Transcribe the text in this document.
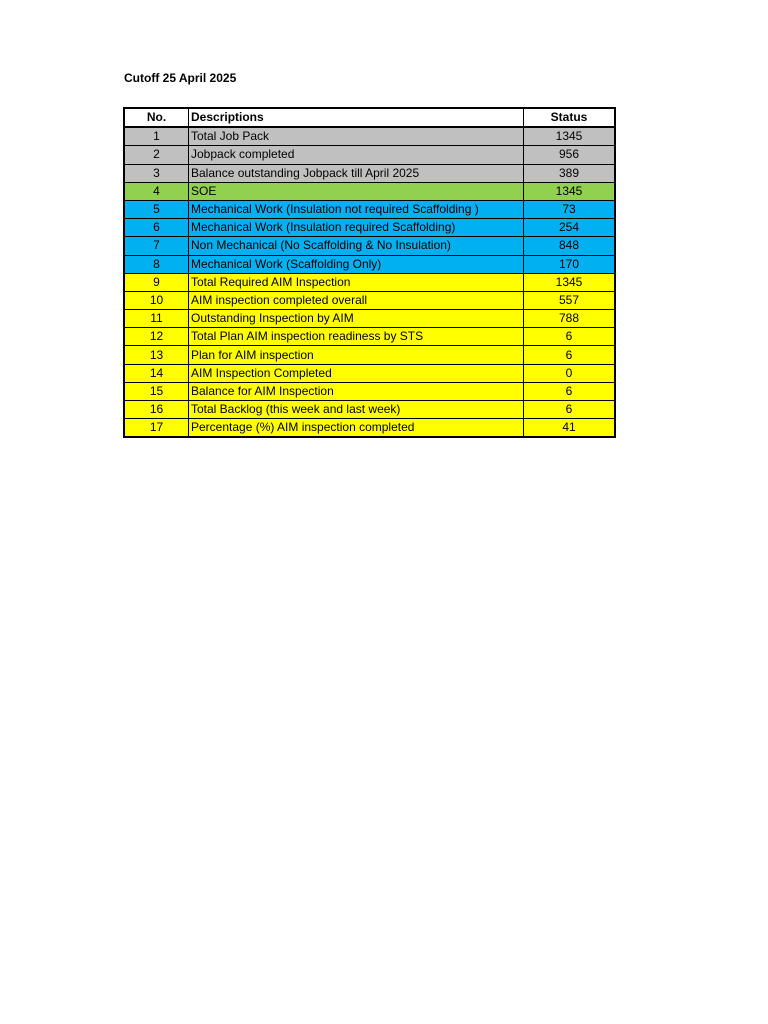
Cutoff 25 April 2025
No.	Descriptions	Status
1	Total Job Pack	1345
2	Jobpack completed	956
3	Balance outstanding Jobpack till April 2025	389
4	SOE	1345
5	Mechanical Work (Insulation not required Scaffolding )	73
6	Mechanical Work (Insulation required Scaffolding)	254
7	Non Mechanical (No Scaffolding & No Insulation)	848
8	Mechanical Work (Scaffolding Only)	170
9	Total Required AIM Inspection	1345
10	AIM inspection completed overall	557
11	Outstanding Inspection by AIM	788
12	Total Plan AIM inspection readiness by STS	6
13	Plan for AIM inspection	6
14	AIM Inspection Completed	0
15	Balance for AIM Inspection	6
16	Total Backlog (this week and last week)	6
17	Percentage (%) AIM inspection completed	41
